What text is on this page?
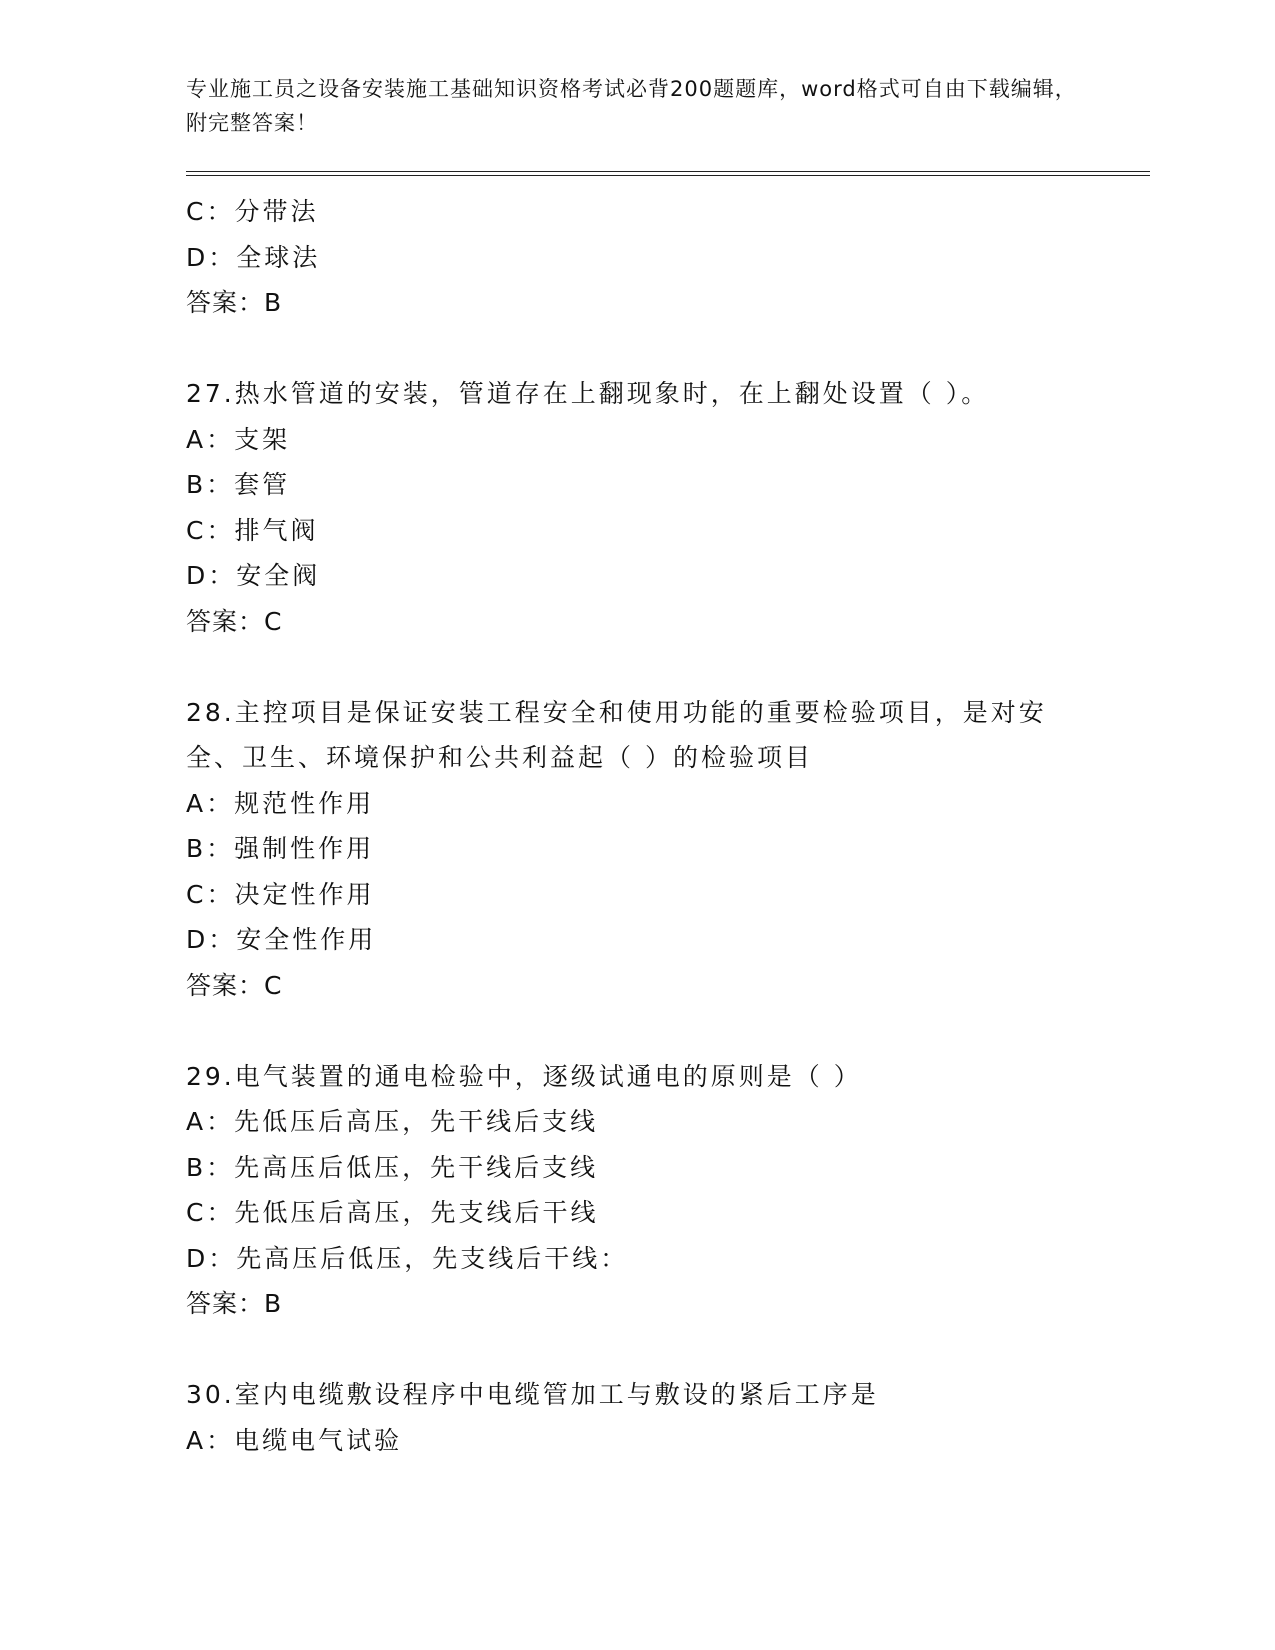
专业施工员之设备安装施工基础知识资格考试必背200题题库，word格式可自由下载编辑，附完整答案！

C：分带法

D：全球法

答案：B

27.热水管道的安装，管道存在上翻现象时，在上翻处设置（ ）。

A：支架

B：套管

C：排气阀

D：安全阀

答案：C

28.主控项目是保证安装工程安全和使用功能的重要检验项目，是对安

全、卫生、环境保护和公共利益起（ ）的检验项目

A：规范性作用

B：强制性作用

C：决定性作用

D：安全性作用

答案：C

29.电气装置的通电检验中，逐级试通电的原则是（ ）

A：先低压后高压，先干线后支线

B：先高压后低压，先干线后支线

C：先低压后高压，先支线后干线

D：先高压后低压，先支线后干线：

答案：B

30.室内电缆敷设程序中电缆管加工与敷设的紧后工序是

A：电缆电气试验
